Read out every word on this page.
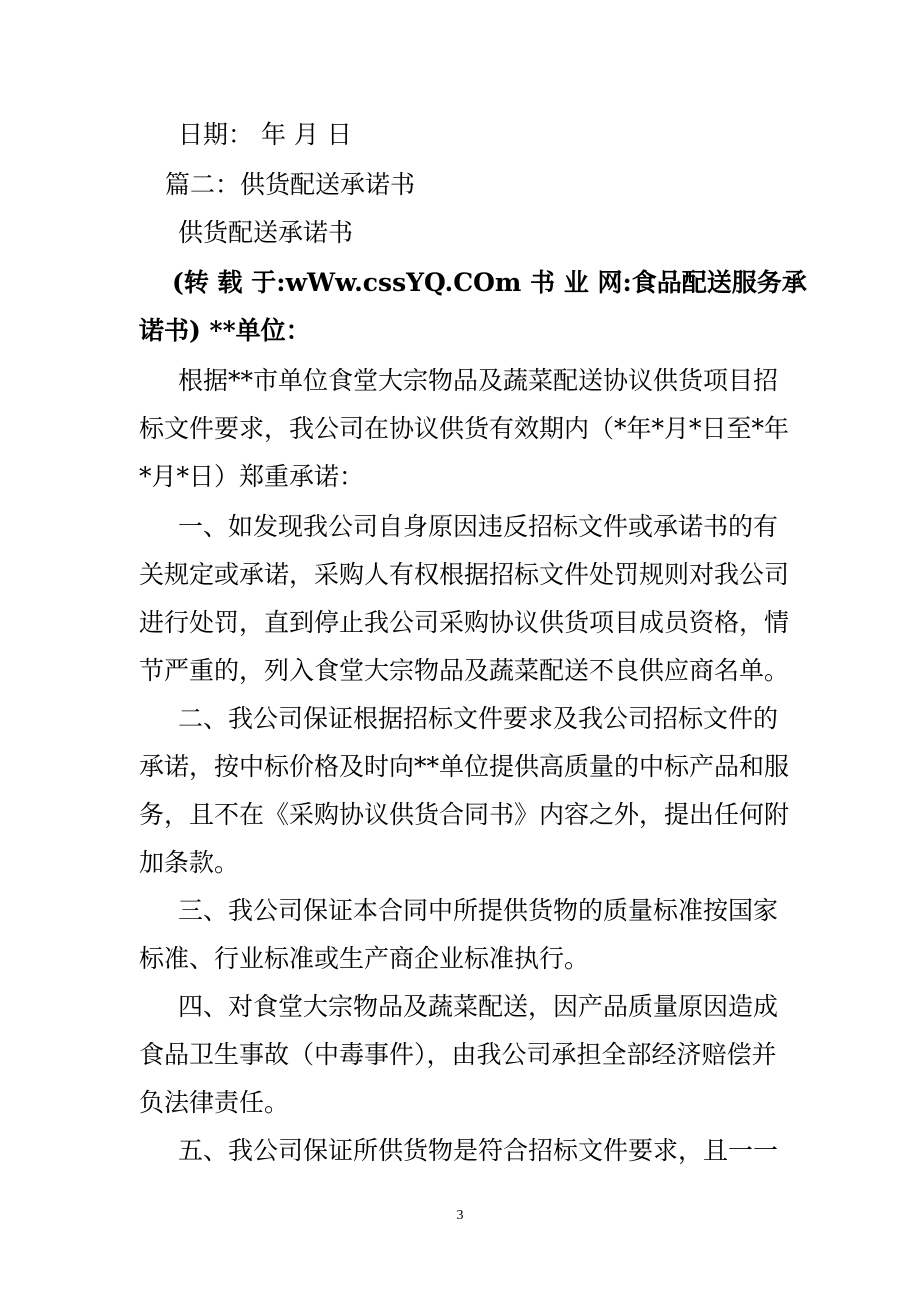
日期： 年 月 日
篇二：供货配送承诺书
供货配送承诺书
(转 载 于:wWw.cssYQ.COm 书 业 网:食品配送服务承
诺书) **单位：
根据**市单位食堂大宗物品及蔬菜配送协议供货项目招
标文件要求，我公司在协议供货有效期内（*年*月*日至*年
*月*日）郑重承诺：
一、如发现我公司自身原因违反招标文件或承诺书的有
关规定或承诺，采购人有权根据招标文件处罚规则对我公司
进行处罚，直到停止我公司采购协议供货项目成员资格，情
节严重的，列入食堂大宗物品及蔬菜配送不良供应商名单。
二、我公司保证根据招标文件要求及我公司招标文件的
承诺，按中标价格及时向**单位提供高质量的中标产品和服
务，且不在《采购协议供货合同书》内容之外，提出任何附
加条款。
三、我公司保证本合同中所提供货物的质量标准按国家
标准、行业标准或生产商企业标准执行。
四、对食堂大宗物品及蔬菜配送，因产品质量原因造成
食品卫生事故（中毒事件），由我公司承担全部经济赔偿并
负法律责任。
五、我公司保证所供货物是符合招标文件要求，且一一
3
